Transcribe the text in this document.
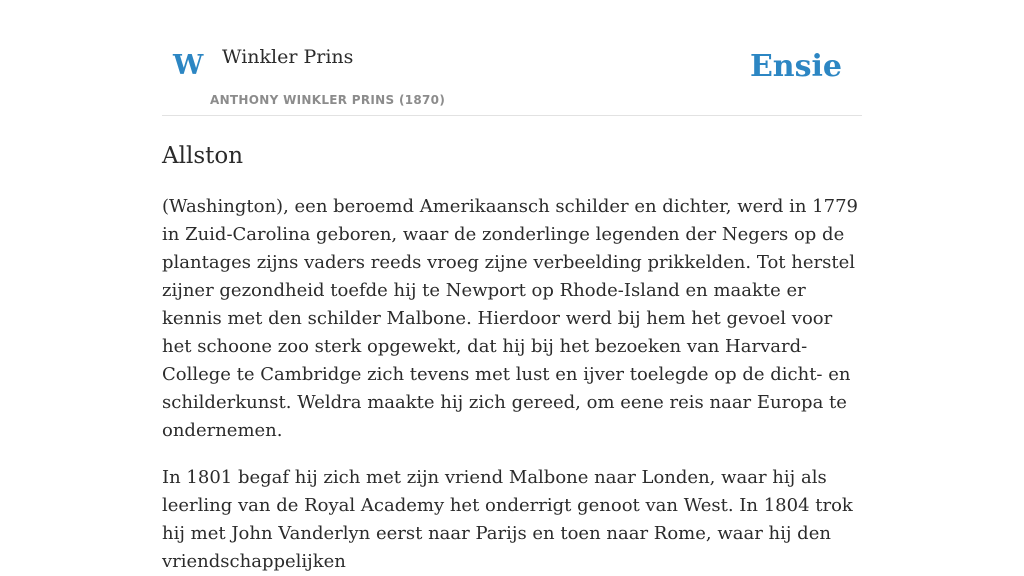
W Winkler Prins
ANTHONY WINKLER PRINS (1870)
Ensie
Allston

(Washington), een beroemd Amerikaansch schilder en dichter, werd in 1779 in Zuid-Carolina geboren, waar de zonderlinge legenden der Negers op de plantages zijns vaders reeds vroeg zijne verbeelding prikkelden. Tot herstel zijner gezondheid toefde hij te Newport op Rhode-Island en maakte er kennis met den schilder Malbone. Hierdoor werd bij hem het gevoel voor het schoone zoo sterk opgewekt, dat hij bij het bezoeken van Harvard-College te Cambridge zich tevens met lust en ijver toelegde op de dicht- en schilderkunst. Weldra maakte hij zich gereed, om eene reis naar Europa te ondernemen.

In 1801 begaf hij zich met zijn vriend Malbone naar Londen, waar hij als leerling van de Royal Academy het onderrigt genoot van West. In 1804 trok hij met John Vanderlyn eerst naar Parijs en toen naar Rome, waar hij den vriendschappelijken
